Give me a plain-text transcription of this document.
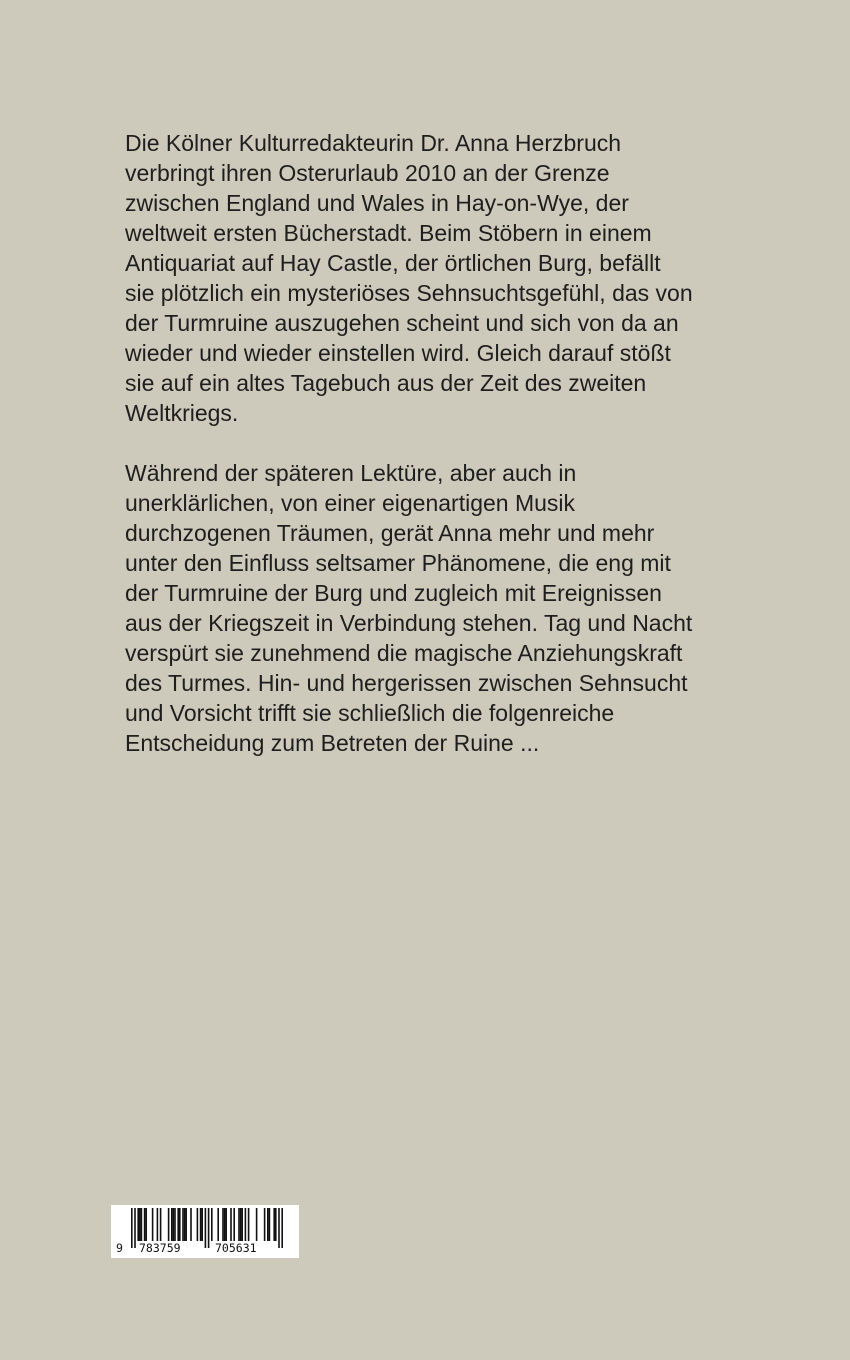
Die Kölner Kulturredakteurin Dr. Anna Herzbruch
verbringt ihren Osterurlaub 2010 an der Grenze
zwischen England und Wales in Hay-on-Wye, der
weltweit ersten Bücherstadt. Beim Stöbern in einem
Antiquariat auf Hay Castle, der örtlichen Burg, befällt
sie plötzlich ein mysteriöses Sehnsuchtsgefühl, das von
der Turmruine auszugehen scheint und sich von da an
wieder und wieder einstellen wird. Gleich darauf stößt
sie auf ein altes Tagebuch aus der Zeit des zweiten
Weltkriegs.

Während der späteren Lektüre, aber auch in
unerklärlichen, von einer eigenartigen Musik
durchzogenen Träumen, gerät Anna mehr und mehr
unter den Einfluss seltsamer Phänomene, die eng mit
der Turmruine der Burg und zugleich mit Ereignissen
aus der Kriegszeit in Verbindung stehen. Tag und Nacht
verspürt sie zunehmend die magische Anziehungskraft
des Turmes. Hin- und hergerissen zwischen Sehnsucht
und Vorsicht trifft sie schließlich die folgenreiche
Entscheidung zum Betreten der Ruine ...

9 783759	705631
